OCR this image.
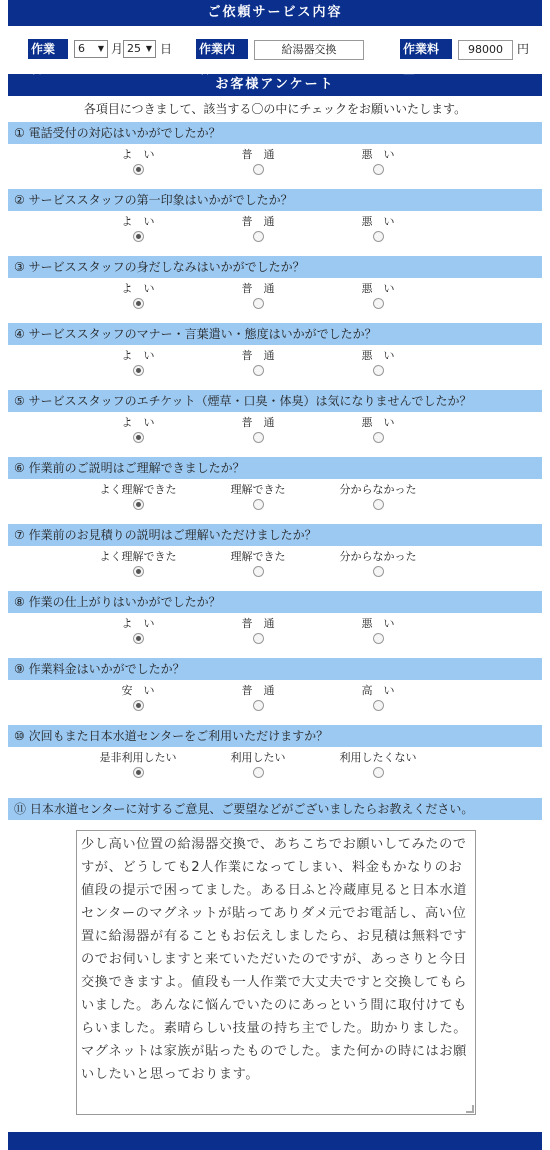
ご依頼サービス内容
作業日
6 ▼ 月 25 ▼ 日 作業内容
給湯器交換	作業料金
98000	円
お客様アンケート
各項目につきまして、該当する〇の中にチェックをお願いいたします。
① 電話受付の対応はいかがでしたか？
よ　い	普　通	悪　い
② サービススタッフの第一印象はいかがでしたか？
よ　い	普　通	悪　い
③ サービススタッフの身だしなみはいかがでしたか？
よ　い	普　通	悪　い
④ サービススタッフのマナー・言葉遣い・態度はいかがでしたか？
よ　い	普　通	悪　い
⑤ サービススタッフのエチケット（煙草・口臭・体臭）は気になりませんでしたか？
よ　い	普　通	悪　い
⑥ 作業前のご説明はご理解できましたか？
よく理解できた	理解できた	分からなかった
⑦ 作業前のお見積りの説明はご理解いただけましたか？
よく理解できた	理解できた	分からなかった
⑧ 作業の仕上がりはいかがでしたか？
よ　い	普　通	悪　い
⑨ 作業料金はいかがでしたか？
安　い	普　通	高　い
⑩ 次回もまた日本水道センターをご利用いただけますか？
是非利用したい	利用したい	利用したくない
⑪ 日本水道センターに対するご意見、ご要望などがございましたらお教えください。
少し高い位置の給湯器交換で、あちこちでお願いしてみたのですが、どうしても2人作業になってしまい、料金もかなりのお値段の提示で困ってました。ある日ふと冷蔵庫見ると日本水道センターのマグネットが貼ってありダメ元でお電話し、高い位置に給湯器が有ることもお伝えしましたら、お見積は無料ですのでお伺いしますと来ていただいたのですが、あっさりと今日交換できますよ。値段も一人作業で大丈夫ですと交換してもらいました。あんなに悩んでいたのにあっという間に取付けてもらいました。素晴らしい技量の持ち主でした。助かりました。マグネットは家族が貼ったものでした。また何かの時にはお願いしたいと思っております。
